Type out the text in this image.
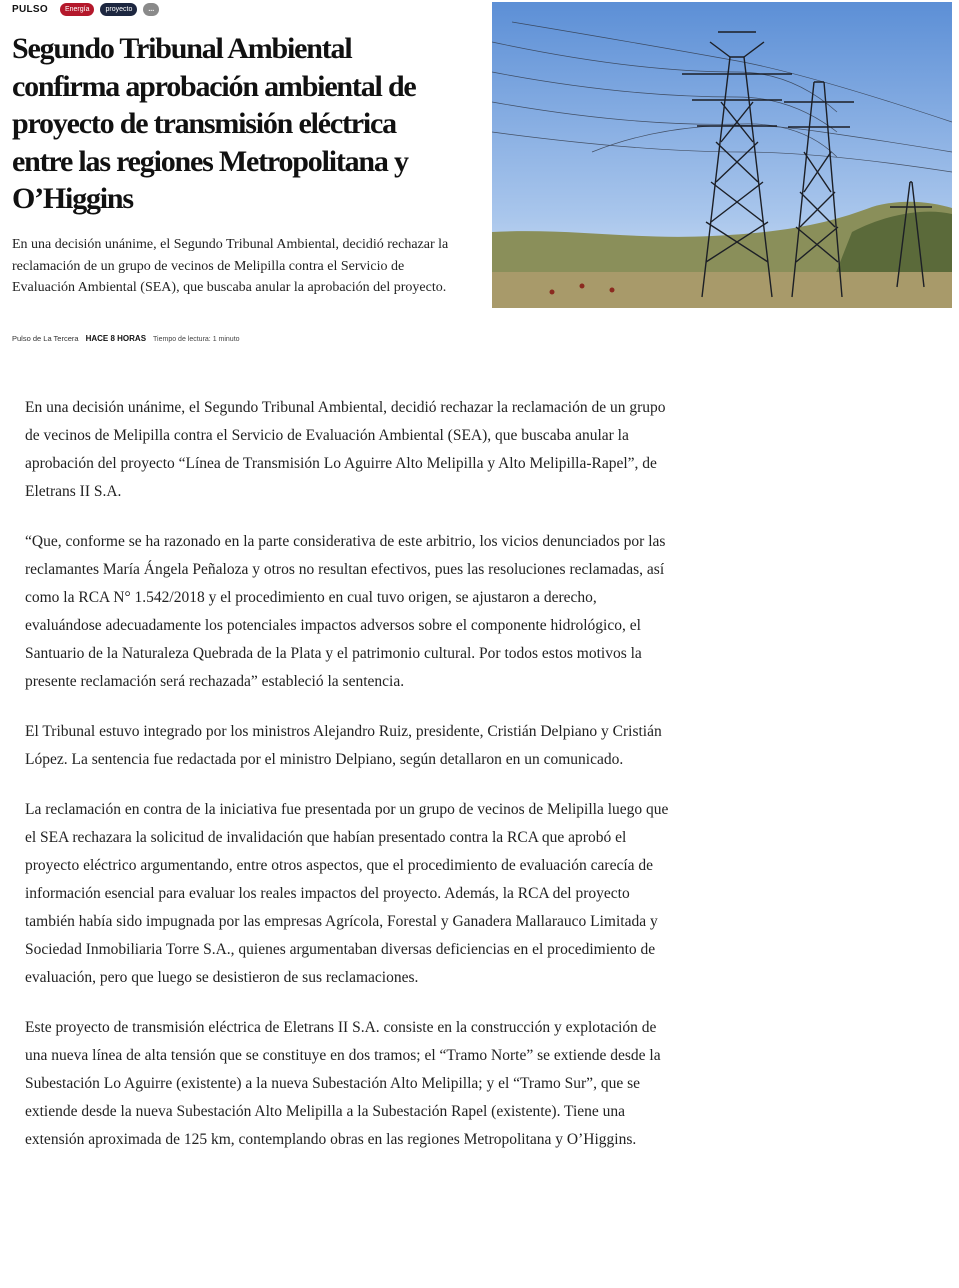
PULSO	Energía	proyecto	...
Segundo Tribunal Ambiental confirma aprobación ambiental de proyecto de transmisión eléctrica entre las regiones Metropolitana y O’Higgins

En una decisión unánime, el Segundo Tribunal Ambiental, decidió rechazar la reclamación de un grupo de vecinos de Melipilla contra el Servicio de Evaluación Ambiental (SEA), que buscaba anular la aprobación del proyecto.

Pulso de La Tercera HACE 8 HORAS Tiempo de lectura: 1 minuto

En una decisión unánime, el Segundo Tribunal Ambiental, decidió rechazar la reclamación de un grupo de vecinos de Melipilla contra el Servicio de Evaluación Ambiental (SEA), que buscaba anular la aprobación del proyecto “Línea de Transmisión Lo Aguirre Alto Melipilla y Alto Melipilla-Rapel”, de Eletrans II S.A.

“Que, conforme se ha razonado en la parte considerativa de este arbitrio, los vicios denunciados por las reclamantes María Ángela Peñaloza y otros no resultan efectivos, pues las resoluciones reclamadas, así como la RCA N° 1.542/2018 y el procedimiento en cual tuvo origen, se ajustaron a derecho, evaluándose adecuadamente los potenciales impactos adversos sobre el componente hidrológico, el Santuario de la Naturaleza Quebrada de la Plata y el patrimonio cultural. Por todos estos motivos la presente reclamación será rechazada” estableció la sentencia.

El Tribunal estuvo integrado por los ministros Alejandro Ruiz, presidente, Cristián Delpiano y Cristián López. La sentencia fue redactada por el ministro Delpiano, según detallaron en un comunicado.

La reclamación en contra de la iniciativa fue presentada por un grupo de vecinos de Melipilla luego que el SEA rechazara la solicitud de invalidación que habían presentado contra la RCA que aprobó el proyecto eléctrico argumentando, entre otros aspectos, que el procedimiento de evaluación carecía de información esencial para evaluar los reales impactos del proyecto. Además, la RCA del proyecto también había sido impugnada por las empresas Agrícola, Forestal y Ganadera Mallarauco Limitada y Sociedad Inmobiliaria Torre S.A., quienes argumentaban diversas deficiencias en el procedimiento de evaluación, pero que luego se desistieron de sus reclamaciones.

Este proyecto de transmisión eléctrica de Eletrans II S.A. consiste en la construcción y explotación de una nueva línea de alta tensión que se constituye en dos tramos; el “Tramo Norte” se extiende desde la Subestación Lo Aguirre (existente) a la nueva Subestación Alto Melipilla; y el “Tramo Sur”, que se extiende desde la nueva Subestación Alto Melipilla a la Subestación Rapel (existente). Tiene una extensión aproximada de 125 km, contemplando obras en las regiones Metropolitana y O’Higgins.
